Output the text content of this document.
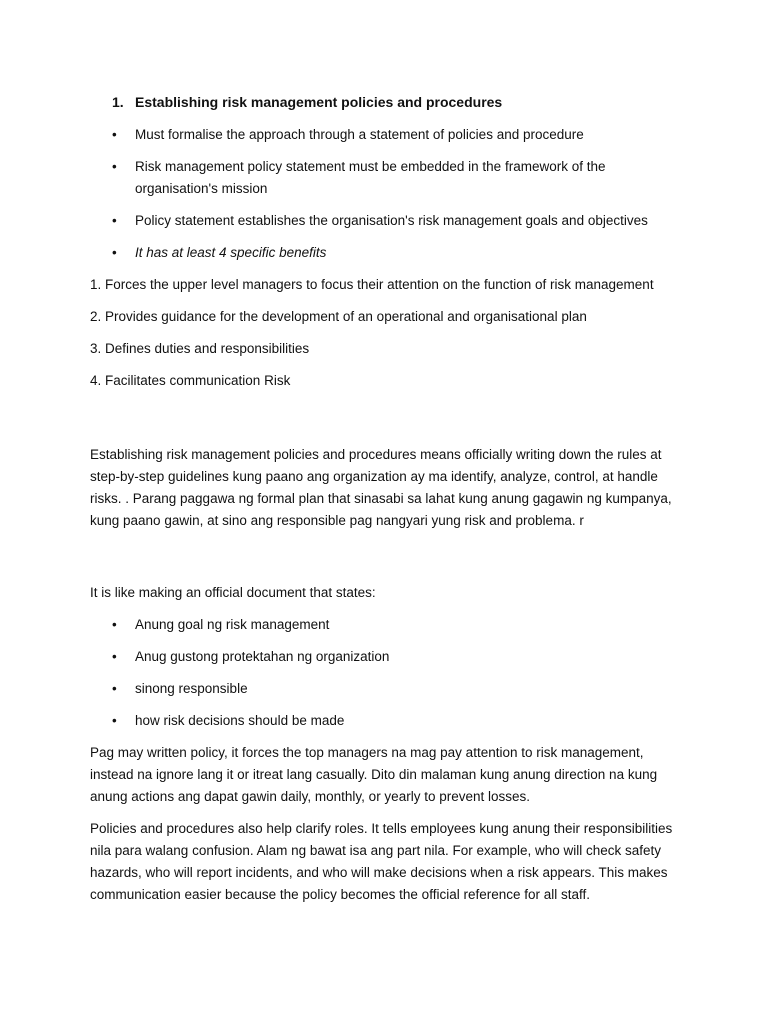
1. Establishing risk management policies and procedures
• Must formalise the approach through a statement of policies and procedure
• Risk management policy statement must be embedded in the framework of the organisation's mission
• Policy statement establishes the organisation's risk management goals and objectives
• It has at least 4 specific benefits
1. Forces the upper level managers to focus their attention on the function of risk management
2. Provides guidance for the development of an operational and organisational plan
3. Defines duties and responsibilities
4. Facilitates communication Risk
Establishing risk management policies and procedures means officially writing down the rules at step-by-step guidelines kung paano ang organization ay ma identify, analyze, control, at handle risks. . Parang paggawa ng formal plan that sinasabi sa lahat kung anung gagawin ng kumpanya, kung paano gawin, at sino ang responsible pag nangyari yung risk and problema. r
It is like making an official document that states:
• Anung goal ng risk management
• Anug gustong protektahan ng organization
• sinong responsible
• how risk decisions should be made
Pag may written policy, it forces the top managers na mag pay attention to risk management, instead na ignore lang it or itreat lang casually. Dito din malaman kung anung direction na kung anung actions ang dapat gawin daily, monthly, or yearly to prevent losses.
Policies and procedures also help clarify roles. It tells employees kung anung their responsibilities nila para walang confusion. Alam ng bawat isa ang part nila. For example, who will check safety hazards, who will report incidents, and who will make decisions when a risk appears. This makes communication easier because the policy becomes the official reference for all staff.
